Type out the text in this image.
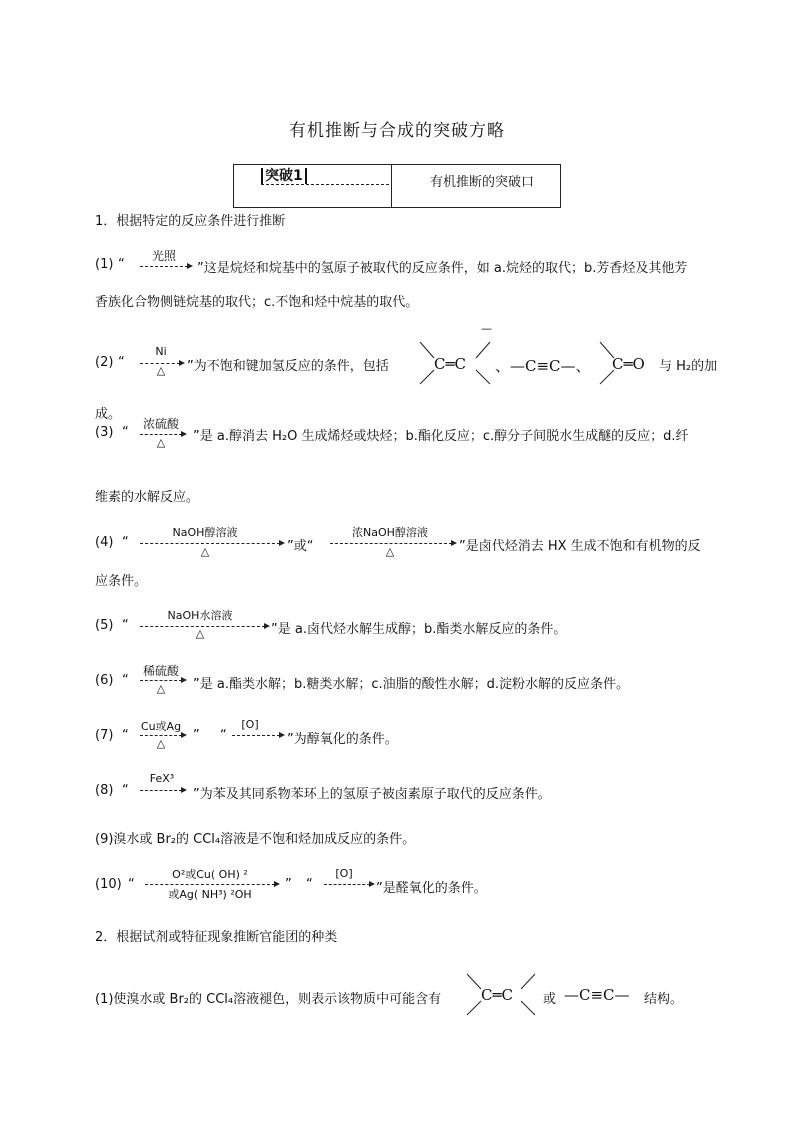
有机推断与合成的突破方略
突破1	有机推断的突破口
1．根据特定的反应条件进行推断
(1) “
光照
”这是烷烃和烷基中的氢原子被取代的反应条件，如 a.烷烃的取代；b.芳香烃及其他芳
香族化合物侧链烷基的取代；c.不饱和烃中烷基的取代。
(2) “
Ni
△	”为不饱和键加氢反应的条件，包括	C═C
—
、—C≡C—、 C═O 与 H₂的加
成。
(3) “
浓硫酸
△	”是 a.醇消去 H₂O 生成烯烃或炔烃；b.酯化反应；c.醇分子间脱水生成醚的反应；d.纤
维素的水解反应。
(4) “
NaOH醇溶液
△	”或“
浓NaOH醇溶液
△	”是卤代烃消去 HX 生成不饱和有机物的反
应条件。
(5) “
NaOH水溶液
△	”是 a.卤代烃水解生成醇；b.酯类水解反应的条件。
(6) “
稀硫酸
△	”是 a.酯类水解；b.糖类水解；c.油脂的酸性水解；d.淀粉水解的反应条件。
(7) “
Cu或Ag
△
” “
[O]
”为醇氧化的条件。
(8) “
FeX³
”为苯及其同系物苯环上的氢原子被卤素原子取代的反应条件。
(9)溴水或 Br₂的 CCl₄溶液是不饱和烃加成反应的条件。
(10) “
O²或Cu( OH) ²
或Ag( NH³) ²OH
” “
[O]
”是醛氧化的条件。
2．根据试剂或特征现象推断官能团的种类
(1)使溴水或 Br₂的 CCl₄溶液褪色，则表示该物质中可能含有	C═C 或 —C≡C— 结构。
